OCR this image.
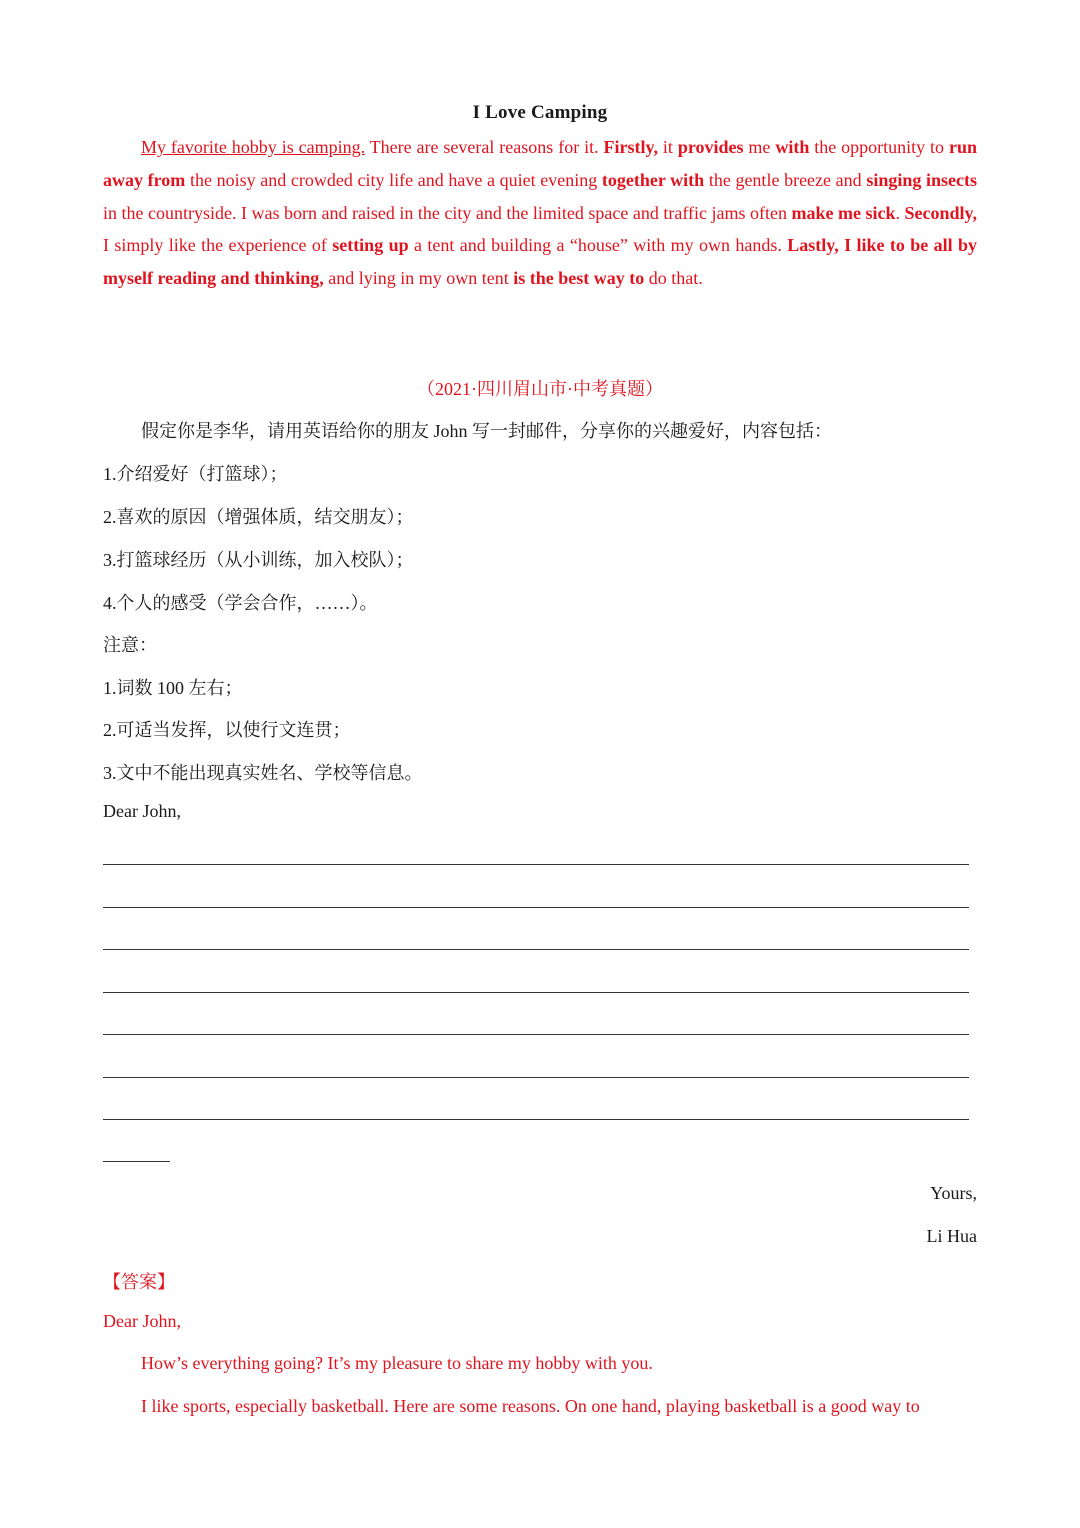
I Love Camping
My favorite hobby is camping. There are several reasons for it. Firstly, it provides me with the opportunity to run away from the noisy and crowded city life and have a quiet evening together with the gentle breeze and singing insects in the countryside. I was born and raised in the city and the limited space and traffic jams often make me sick. Secondly, I simply like the experience of setting up a tent and building a “house” with my own hands. Lastly, I like to be all by myself reading and thinking, and lying in my own tent is the best way to do that.
（2021·四川眉山市·中考真题）
假定你是李华，请用英语给你的朋友 John 写一封邮件，分享你的兴趣爱好，内容包括：
1.介绍爱好（打篮球）；
2.喜欢的原因（增强体质，结交朋友）；
3.打篮球经历（从小训练，加入校队）；
4.个人的感受（学会合作，……）。
注意：
1.词数 100 左右；
2.可适当发挥，以使行文连贯；
3.文中不能出现真实姓名、学校等信息。
Dear John,
Yours,
Li Hua
【答案】
Dear John,
How’s everything going? It’s my pleasure to share my hobby with you.
I like sports, especially basketball. Here are some reasons. On one hand, playing basketball is a good way to
